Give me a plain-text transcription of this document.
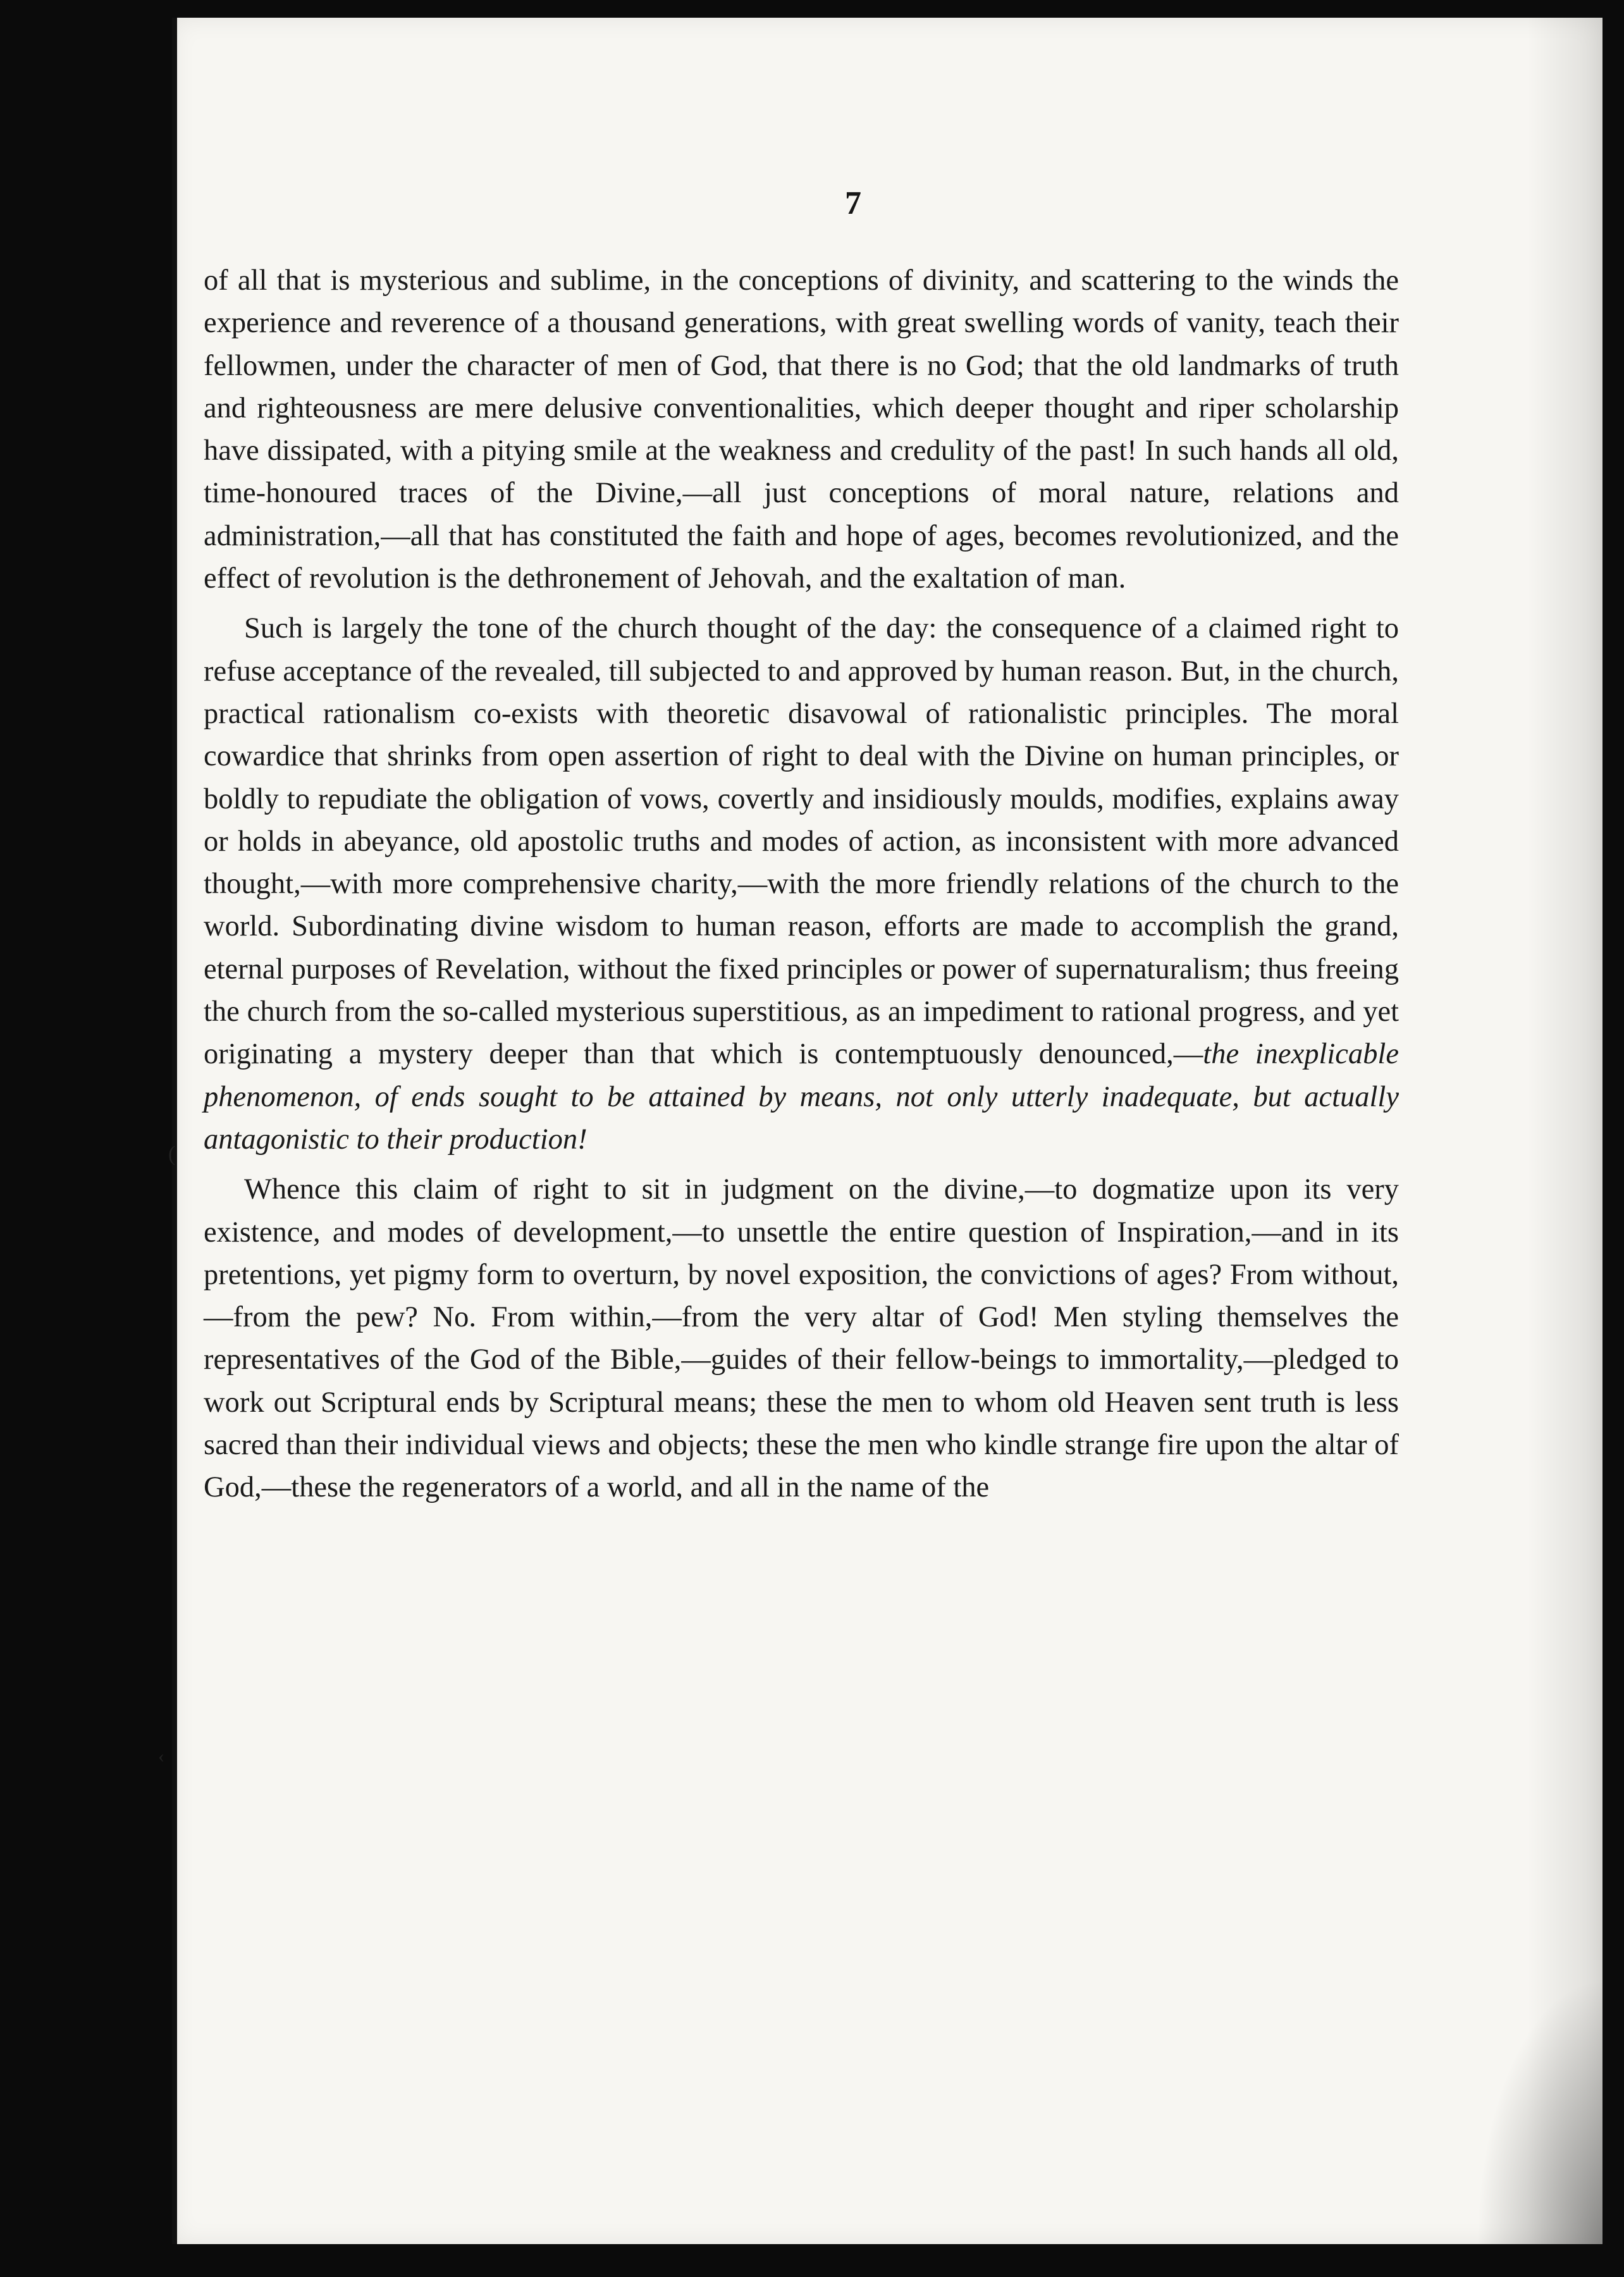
7

of all that is mysterious and sublime, in the conceptions of divinity, and scattering to the winds the experience and reverence of a thousand generations, with great swelling words of vanity, teach their fellowmen, under the character of men of God, that there is no God; that the old landmarks of truth and righteousness are mere delusive conventionalities, which deeper thought and riper scholarship have dissipated, with a pitying smile at the weakness and credulity of the past! In such hands all old, time-honoured traces of the Divine,—all just conceptions of moral nature, relations and administration,—all that has constituted the faith and hope of ages, becomes revolutionized, and the effect of revolution is the dethronement of Jehovah, and the exaltation of man.

Such is largely the tone of the church thought of the day: the consequence of a claimed right to refuse acceptance of the revealed, till subjected to and approved by human reason. But, in the church, practical rationalism co-exists with theoretic disavowal of rationalistic principles. The moral cowardice that shrinks from open assertion of right to deal with the Divine on human principles, or boldly to repudiate the obligation of vows, covertly and insidiously moulds, modifies, explains away or holds in abeyance, old apostolic truths and modes of action, as inconsistent with more advanced thought,—with more comprehensive charity,—with the more friendly relations of the church to the world. Subordinating divine wisdom to human reason, efforts are made to accomplish the grand, eternal purposes of Revelation, without the fixed principles or power of supernaturalism; thus freeing the church from the so-called mysterious superstitious, as an impediment to rational progress, and yet originating a mystery deeper than that which is contemptuously denounced,—the inexplicable phenomenon, of ends sought to be attained by means, not only utterly inadequate, but actually antagonistic to their production!

Whence this claim of right to sit in judgment on the divine,—to dogmatize upon its very existence, and modes of development,—to unsettle the entire question of Inspiration,—and in its pretentions, yet pigmy form to overturn, by novel exposition, the convictions of ages? From without,—from the pew? No. From within,—from the very altar of God! Men styling themselves the representatives of the God of the Bible,—guides of their fellow-beings to immortality,—pledged to work out Scriptural ends by Scriptural means; these the men to whom old Heaven sent truth is less sacred than their individual views and objects; these the men who kindle strange fire upon the altar of God,—these the regenerators of a world, and all in the name of the

(
‹
